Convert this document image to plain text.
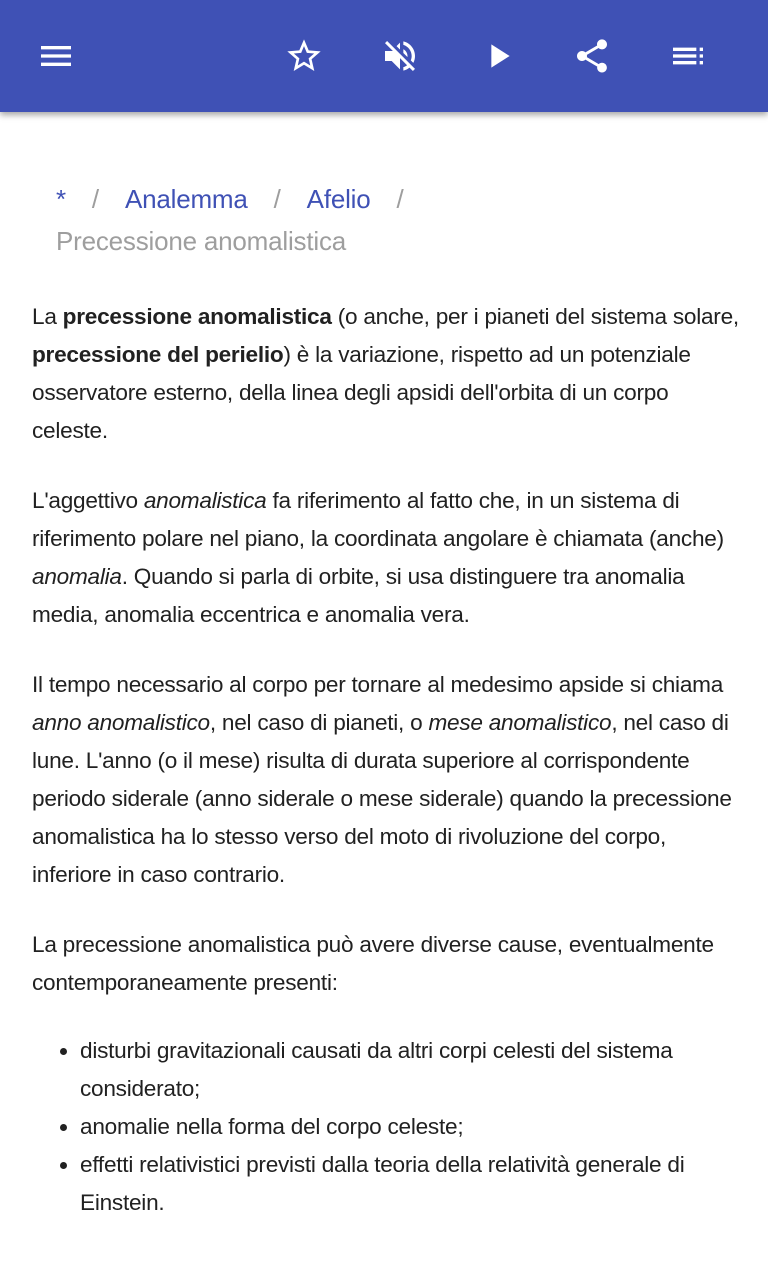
* / Analemma / Afelio /
Precessione anomalistica

La precessione anomalistica (o anche, per i pianeti del sistema solare, precessione del perielio) è la variazione, rispetto ad un potenziale osservatore esterno, della linea degli apsidi dell'orbita di un corpo celeste.

L'aggettivo anomalistica fa riferimento al fatto che, in un sistema di riferimento polare nel piano, la coordinata angolare è chiamata (anche) anomalia. Quando si parla di orbite, si usa distinguere tra anomalia media, anomalia eccentrica e anomalia vera.

Il tempo necessario al corpo per tornare al medesimo apside si chiama anno anomalistico, nel caso di pianeti, o mese anomalistico, nel caso di lune. L'anno (o il mese) risulta di durata superiore al corrispondente periodo siderale (anno siderale o mese siderale) quando la precessione anomalistica ha lo stesso verso del moto di rivoluzione del corpo, inferiore in caso contrario.

La precessione anomalistica può avere diverse cause, eventualmente contemporaneamente presenti:

• disturbi gravitazionali causati da altri corpi celesti del sistema considerato;
• anomalie nella forma del corpo celeste;
• effetti relativistici previsti dalla teoria della relatività generale di Einstein.
